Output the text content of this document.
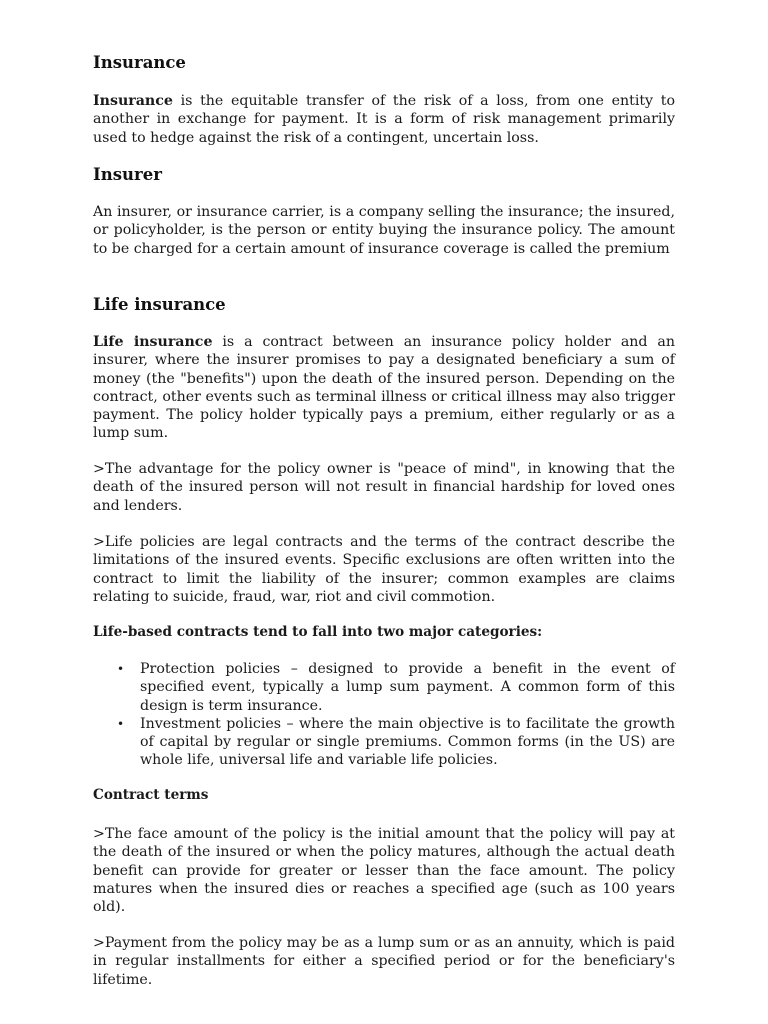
Insurance

Insurance is the equitable transfer of the risk of a loss, from one entity to another in exchange for payment. It is a form of risk management primarily used to hedge against the risk of a contingent, uncertain loss.

Insurer

An insurer, or insurance carrier, is a company selling the insurance; the insured, or policyholder, is the person or entity buying the insurance policy. The amount to be charged for a certain amount of insurance coverage is called the premium

Life insurance

Life insurance is a contract between an insurance policy holder and an insurer, where the insurer promises to pay a designated beneficiary a sum of money (the "benefits") upon the death of the insured person. Depending on the contract, other events such as terminal illness or critical illness may also trigger payment. The policy holder typically pays a premium, either regularly or as a lump sum.

>The advantage for the policy owner is "peace of mind", in knowing that the death of the insured person will not result in financial hardship for loved ones and lenders.

>Life policies are legal contracts and the terms of the contract describe the limitations of the insured events. Specific exclusions are often written into the contract to limit the liability of the insurer; common examples are claims relating to suicide, fraud, war, riot and civil commotion.

Life-based contracts tend to fall into two major categories:
• Protection policies – designed to provide a benefit in the event of specified event, typically a lump sum payment. A common form of this design is term insurance.
• Investment policies – where the main objective is to facilitate the growth of capital by regular or single premiums. Common forms (in the US) are whole life, universal life and variable life policies.
Contract terms

>The face amount of the policy is the initial amount that the policy will pay at the death of the insured or when the policy matures, although the actual death benefit can provide for greater or lesser than the face amount. The policy matures when the insured dies or reaches a specified age (such as 100 years old).

>Payment from the policy may be as a lump sum or as an annuity, which is paid in regular installments for either a specified period or for the beneficiary's lifetime.
